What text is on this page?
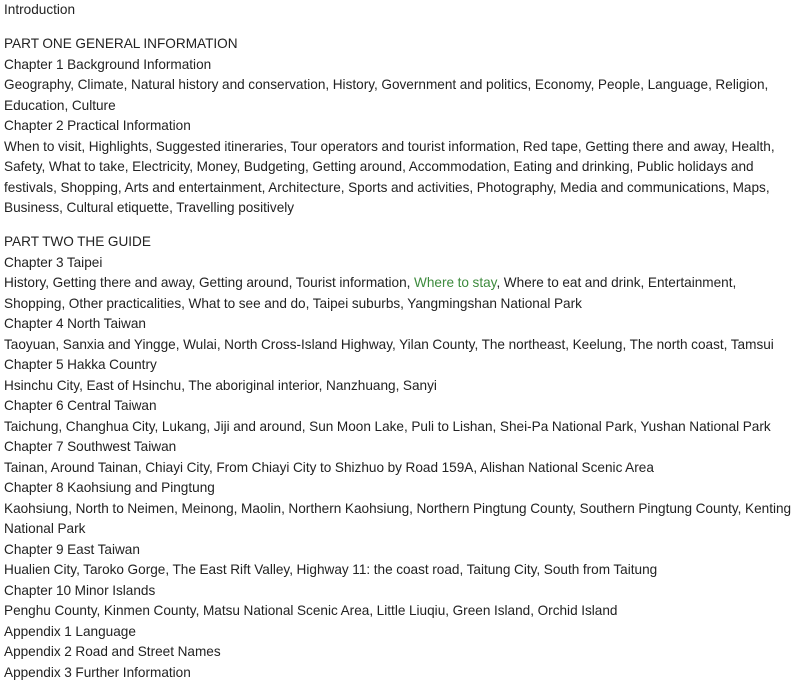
Introduction
PART ONE GENERAL INFORMATION
Chapter 1 Background Information
Geography, Climate, Natural history and conservation, History, Government and politics, Economy, People, Language, Religion, Education, Culture
Chapter 2 Practical Information
When to visit, Highlights, Suggested itineraries, Tour operators and tourist information, Red tape, Getting there and away, Health, Safety, What to take, Electricity, Money, Budgeting, Getting around, Accommodation, Eating and drinking, Public holidays and festivals, Shopping, Arts and entertainment, Architecture, Sports and activities, Photography, Media and communications, Maps, Business, Cultural etiquette, Travelling positively
PART TWO THE GUIDE
Chapter 3 Taipei
History, Getting there and away, Getting around, Tourist information, Where to stay, Where to eat and drink, Entertainment, Shopping, Other practicalities, What to see and do, Taipei suburbs, Yangmingshan National Park
Chapter 4 North Taiwan
Taoyuan, Sanxia and Yingge, Wulai, North Cross-Island Highway, Yilan County, The northeast, Keelung, The north coast, Tamsui
Chapter 5 Hakka Country
Hsinchu City, East of Hsinchu, The aboriginal interior, Nanzhuang, Sanyi
Chapter 6 Central Taiwan
Taichung, Changhua City, Lukang, Jiji and around, Sun Moon Lake, Puli to Lishan, Shei-Pa National Park, Yushan National Park
Chapter 7 Southwest Taiwan
Tainan, Around Tainan, Chiayi City, From Chiayi City to Shizhuo by Road 159A, Alishan National Scenic Area
Chapter 8 Kaohsiung and Pingtung
Kaohsiung, North to Neimen, Meinong, Maolin, Northern Kaohsiung, Northern Pingtung County, Southern Pingtung County, Kenting National Park
Chapter 9 East Taiwan
Hualien City, Taroko Gorge, The East Rift Valley, Highway 11: the coast road, Taitung City, South from Taitung
Chapter 10 Minor Islands
Penghu County, Kinmen County, Matsu National Scenic Area, Little Liuqiu, Green Island, Orchid Island
Appendix 1 Language
Appendix 2 Road and Street Names
Appendix 3 Further Information
